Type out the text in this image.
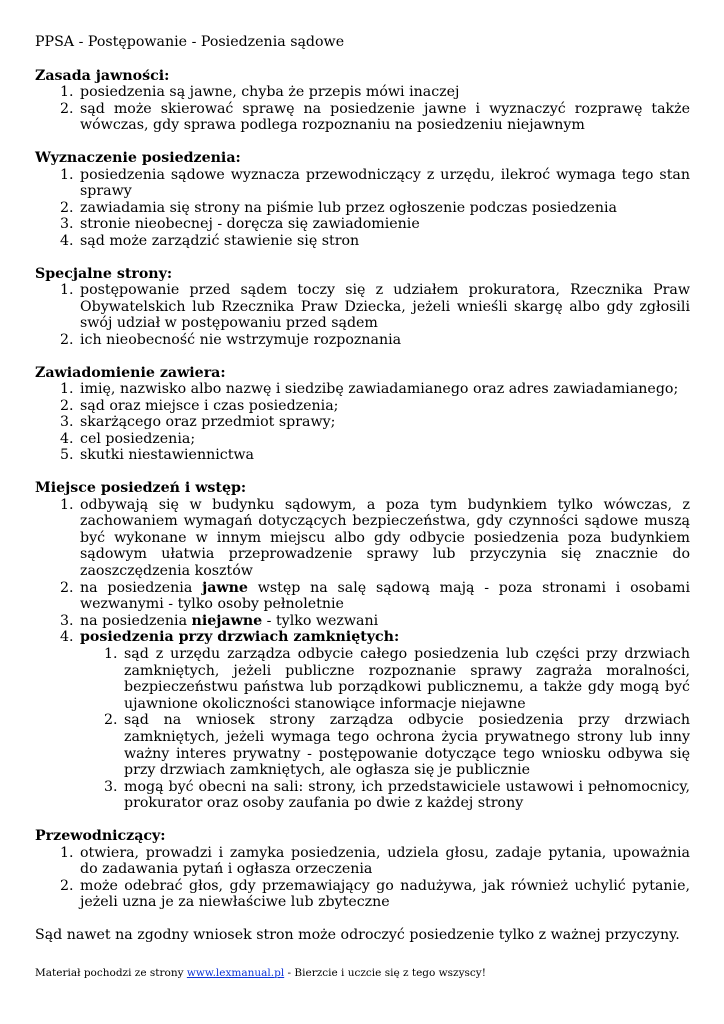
PPSA - Postępowanie - Posiedzenia sądowe

Zasada jawności:

1. posiedzenia są jawne, chyba że przepis mówi inaczej
2. sąd może skierować sprawę na posiedzenie jawne i wyznaczyć rozprawę także wówczas, gdy sprawa podlega rozpoznaniu na posiedzeniu niejawnym

Wyznaczenie posiedzenia:

1. posiedzenia sądowe wyznacza przewodniczący z urzędu, ilekroć wymaga tego stan sprawy
2. zawiadamia się strony na piśmie lub przez ogłoszenie podczas posiedzenia
3. stronie nieobecnej - doręcza się zawiadomienie
4. sąd może zarządzić stawienie się stron

Specjalne strony:

1. postępowanie przed sądem toczy się z udziałem prokuratora, Rzecznika Praw Obywatelskich lub Rzecznika Praw Dziecka, jeżeli wnieśli skargę albo gdy zgłosili swój udział w postępowaniu przed sądem
2. ich nieobecność nie wstrzymuje rozpoznania

Zawiadomienie zawiera:

1. imię, nazwisko albo nazwę i siedzibę zawiadamianego oraz adres zawiadamianego;
2. sąd oraz miejsce i czas posiedzenia;
3. skarżącego oraz przedmiot sprawy;
4. cel posiedzenia;
5. skutki niestawiennictwa

Miejsce posiedzeń i wstęp:

1. odbywają się w budynku sądowym, a poza tym budynkiem tylko wówczas, z zachowaniem wymagań dotyczących bezpieczeństwa, gdy czynności sądowe muszą być wykonane w innym miejscu albo gdy odbycie posiedzenia poza budynkiem sądowym ułatwia przeprowadzenie sprawy lub przyczynia się znacznie do zaoszczędzenia kosztów
2. na posiedzenia jawne wstęp na salę sądową mają - poza stronami i osobami wezwanymi - tylko osoby pełnoletnie
3. na posiedzenia niejawne - tylko wezwani
4. posiedzenia przy drzwiach zamkniętych:
1. sąd z urzędu zarządza odbycie całego posiedzenia lub części przy drzwiach zamkniętych, jeżeli publiczne rozpoznanie sprawy zagraża moralności, bezpieczeństwu państwa lub porządkowi publicznemu, a także gdy mogą być ujawnione okoliczności stanowiące informacje niejawne
2. sąd na wniosek strony zarządza odbycie posiedzenia przy drzwiach zamkniętych, jeżeli wymaga tego ochrona życia prywatnego strony lub inny ważny interes prywatny - postępowanie dotyczące tego wniosku odbywa się przy drzwiach zamkniętych, ale ogłasza się je publicznie
3. mogą być obecni na sali: strony, ich przedstawiciele ustawowi i pełnomocnicy, prokurator oraz osoby zaufania po dwie z każdej strony

Przewodniczący:

1. otwiera, prowadzi i zamyka posiedzenia, udziela głosu, zadaje pytania, upoważnia do zadawania pytań i ogłasza orzeczenia
2. może odebrać głos, gdy przemawiający go nadużywa, jak również uchylić pytanie, jeżeli uzna je za niewłaściwe lub zbyteczne

Sąd nawet na zgodny wniosek stron może odroczyć posiedzenie tylko z ważnej przyczyny.

Materiał pochodzi ze strony www.lexmanual.pl - Bierzcie i uczcie się z tego wszyscy!
